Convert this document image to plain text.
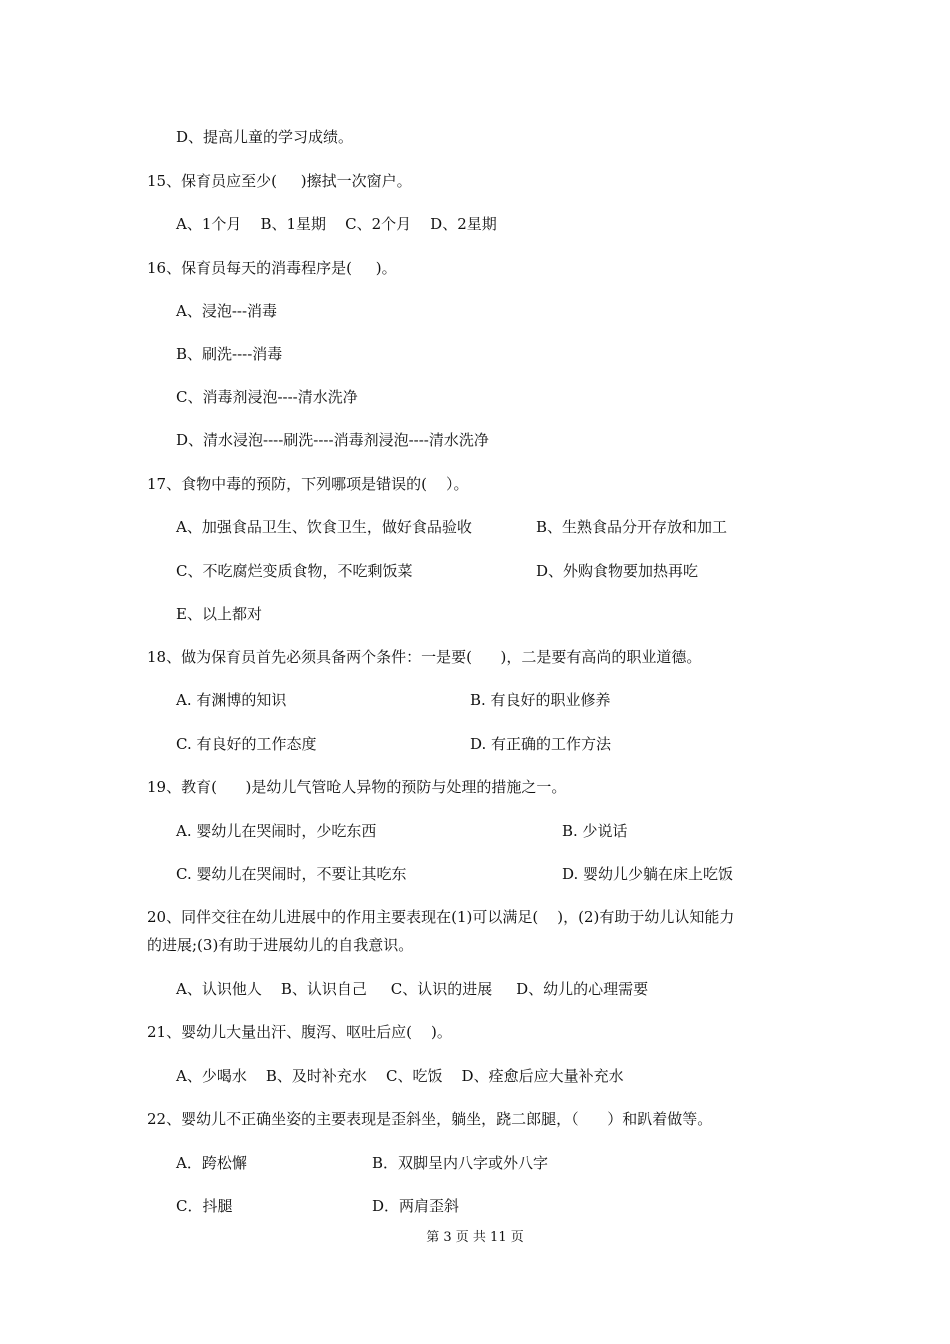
D、提高儿童的学习成绩。
15、保育员应至少(     )擦拭一次窗户。
A、1个月    B、1星期    C、2个月    D、2星期
16、保育员每天的消毒程序是(     )。
A、浸泡---消毒
B、刷洗----消毒
C、消毒剂浸泡----清水洗净
D、清水浸泡----刷洗----消毒剂浸泡----清水洗净
17、食物中毒的预防，下列哪项是错误的(    ）。
A、加强食品卫生、饮食卫生，做好食品验收	B、生熟食品分开存放和加工
C、不吃腐烂变质食物，不吃剩饭菜	D、外购食物要加热再吃
E、以上都对
18、做为保育员首先必须具备两个条件：一是要(      )，二是要有高尚的职业道德。
A. 有渊博的知识	B. 有良好的职业修养
C. 有良好的工作态度	D. 有正确的工作方法
19、教育(      )是幼儿气管呛人异物的预防与处理的措施之一。
A. 婴幼儿在哭闹时，少吃东西	B. 少说话
C. 婴幼儿在哭闹时，不要让其吃东	D. 婴幼儿少躺在床上吃饭
20、同伴交往在幼儿进展中的作用主要表现在(1)可以满足(    )，(2)有助于幼儿认知能力
的进展;(3)有助于进展幼儿的自我意识。
A、认识他人    B、认识自己     C、认识的进展     D、幼儿的心理需要
21、婴幼儿大量出汗、腹泻、呕吐后应(    )。
A、少喝水    B、及时补充水    C、吃饭    D、痊愈后应大量补充水
22、婴幼儿不正确坐姿的主要表现是歪斜坐，躺坐，跷二郎腿，（      ）和趴着做等。
A．跨松懈	B．双脚呈内八字或外八字
C．抖腿	D．两肩歪斜
第 3 页 共 11 页
